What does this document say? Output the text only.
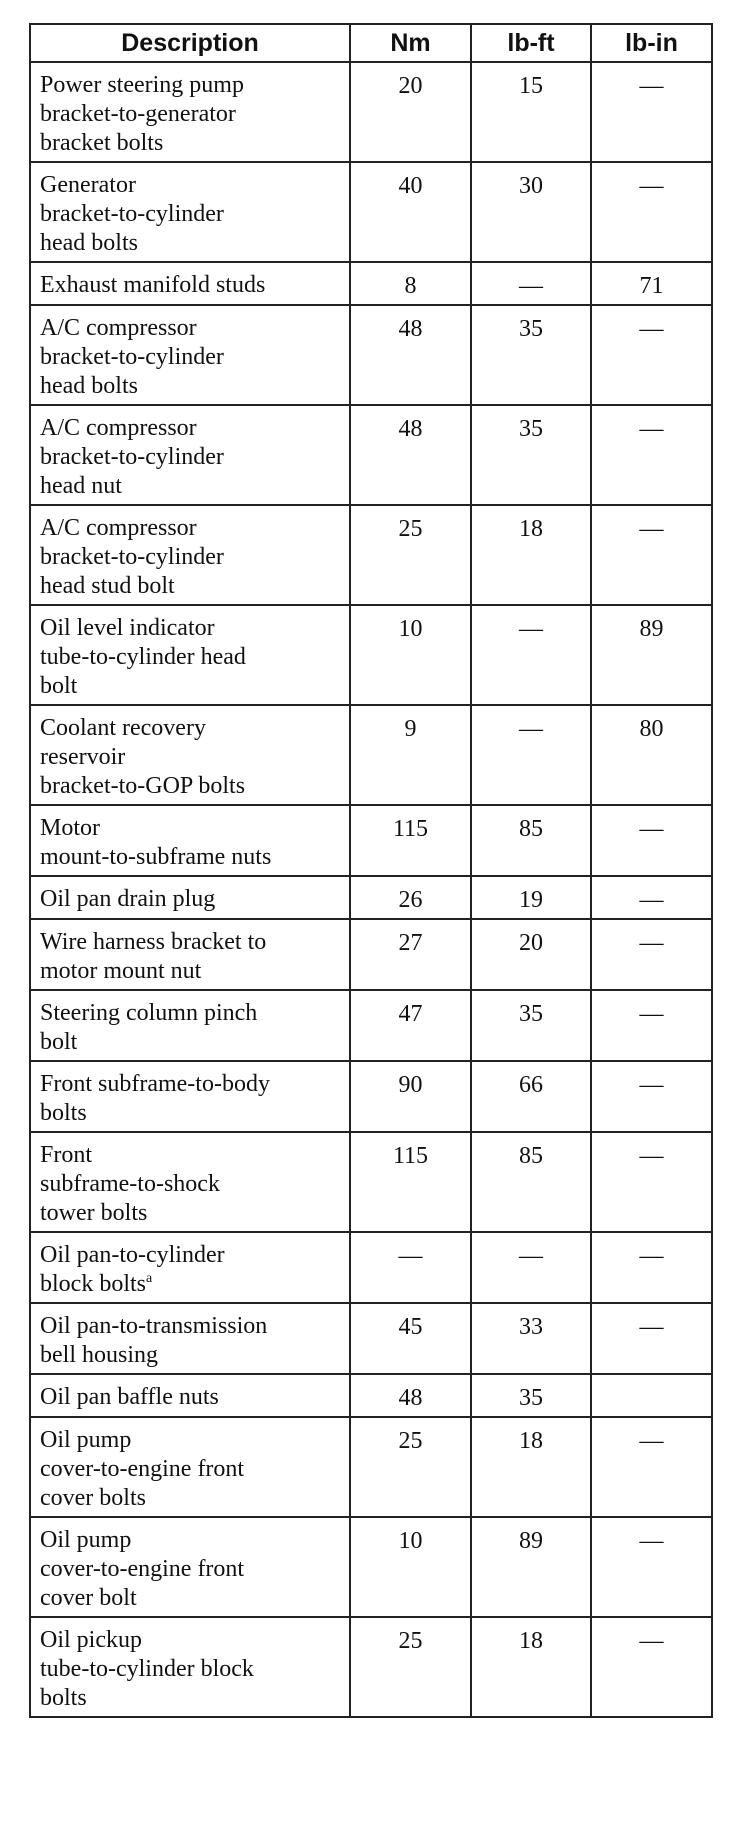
Description	Nm	lb-ft	lb-in
Power steering pump
bracket-to-generator
bracket bolts	20	15	—
Generator
bracket-to-cylinder
head bolts	40	30	—
Exhaust manifold studs	8	—	71
A/C compressor
bracket-to-cylinder
head bolts	48	35	—
A/C compressor
bracket-to-cylinder
head nut	48	35	—
A/C compressor
bracket-to-cylinder
head stud bolt	25	18	—
Oil level indicator
tube-to-cylinder head
bolt	10	—	89
Coolant recovery
reservoir
bracket-to-GOP bolts	9	—	80
Motor
mount-to-subframe nuts	115	85	—
Oil pan drain plug	26	19	—
Wire harness bracket to
motor mount nut	27	20	—
Steering column pinch
bolt	47	35	—
Front subframe-to-body
bolts	90	66	—
Front
subframe-to-shock
tower bolts	115	85	—
Oil pan-to-cylinder
block bolts$^a$	—	—	—
Oil pan-to-transmission
bell housing	45	33	—
Oil pan baffle nuts	48	35	
Oil pump
cover-to-engine front
cover bolts	25	18	—
Oil pump
cover-to-engine front
cover bolt	10	89	—
Oil pickup
tube-to-cylinder block
bolts	25	18	—
